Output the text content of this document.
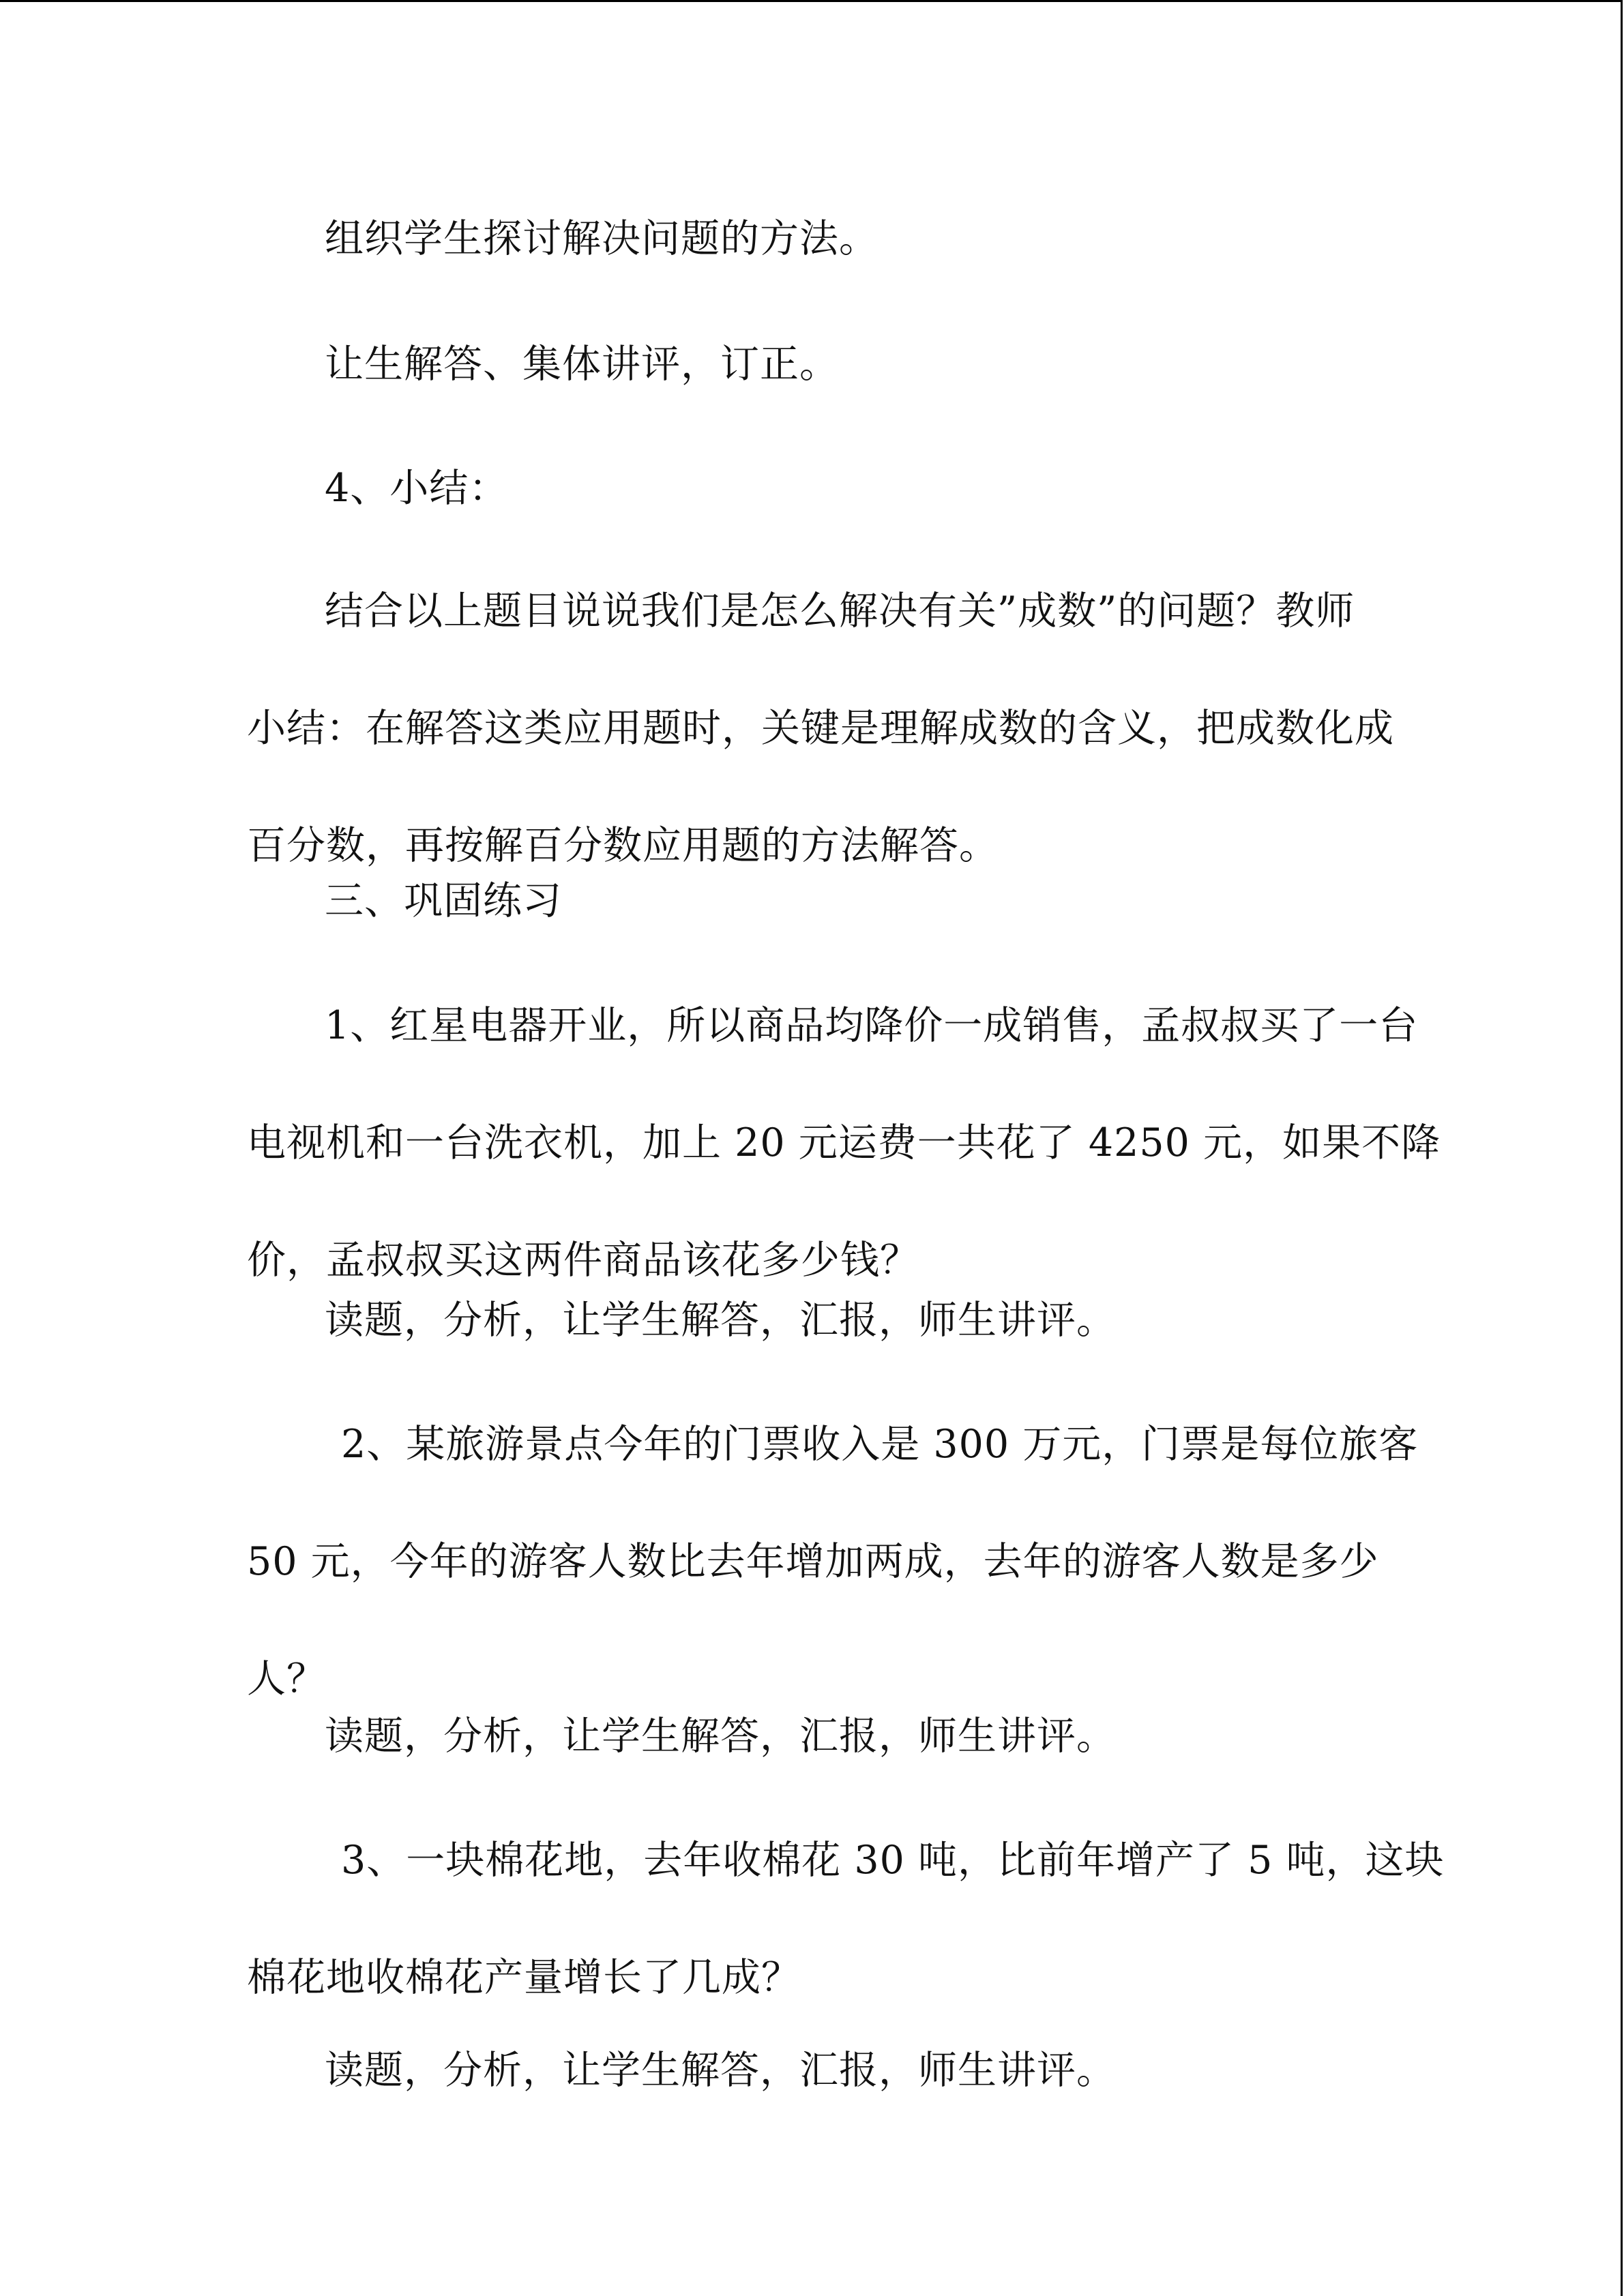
组织学生探讨解决问题的方法。

让生解答、集体讲评，订正。

4、小结：

结合以上题目说说我们是怎么解决有关”成数”的问题？教师
小结：在解答这类应用题时，关键是理解成数的含义，把成数化成
百分数，再按解百分数应用题的方法解答。

三、巩固练习

1、红星电器开业，所以商品均降价一成销售，孟叔叔买了一台
电视机和一台洗衣机，加上 20 元运费一共花了 4250 元，如果不降
价，孟叔叔买这两件商品该花多少钱？

读题，分析，让学生解答，汇报，师生讲评。

2、某旅游景点今年的门票收入是 300 万元，门票是每位旅客
50 元，今年的游客人数比去年增加两成，去年的游客人数是多少
人？

读题，分析，让学生解答，汇报，师生讲评。

3、一块棉花地，去年收棉花 30 吨，比前年增产了 5 吨，这块
棉花地收棉花产量增长了几成？

读题，分析，让学生解答，汇报，师生讲评。
